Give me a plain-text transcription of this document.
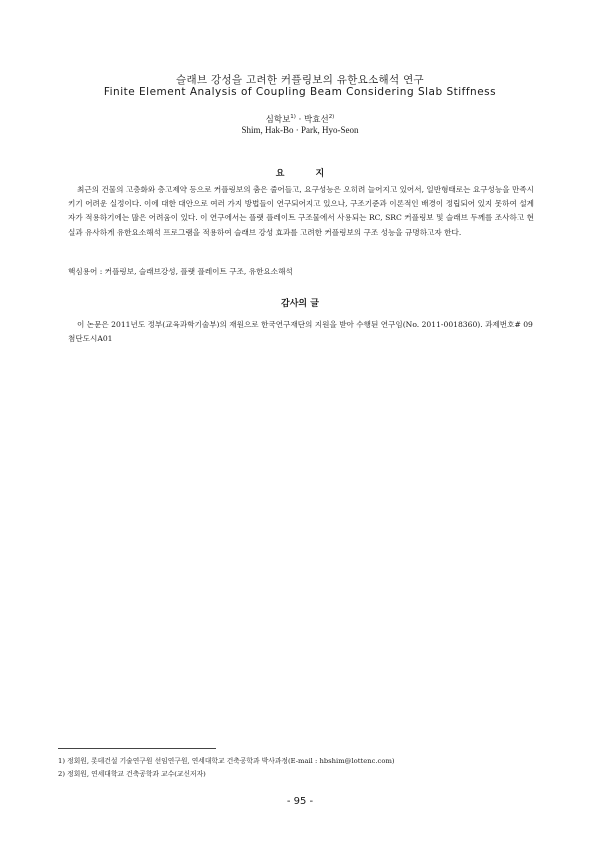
슬래브 강성을 고려한 커플링보의 유한요소해석 연구
Finite Element Analysis of Coupling Beam Considering Slab Stiffness
심학보$^{1)}$ · 박효선$^{2)}$
Shim, Hak-Bo · Park, Hyo-Seon
요 지

최근의 건물의 고층화와 층고제약 등으로 커플링보의 춤은 줄어들고, 요구성능은 오히려 늘어지고 있어서, 일반형태로는 요구성능을 만족시키기 어려운 실정이다. 이에 대한 대안으로 여러 가지 방법들이 연구되어지고 있으나, 구조기준과 이론적인 배경이 정립되어 있지 못하여 설계자가 적용하기에는 많은 어려움이 있다. 이 연구에서는 플랫 플레이트 구조물에서 사용되는 RC, SRC 커플링보 및 슬래브 두께를 조사하고 현실과 유사하게 유한요소해석 프로그램을 적용하여 슬래브 강성 효과를 고려한 커플링보의 구조 성능을 규명하고자 한다.

핵심용어 : 커플링보, 슬래브강성, 플랫 플레이트 구조, 유한요소해석

감사의 글

이 논문은 2011년도 정부(교육과학기술부)의 재원으로 한국연구재단의 지원을 받아 수행된 연구임(No. 2011-0018360). 과제번호# 09 첨단도시A01

1) 정회원, 롯데건설 기술연구원 선임연구원, 연세대학교 건축공학과 박사과정(E-mail : hbshim@lottenc.com)
2) 정회원, 연세대학교 건축공학과 교수(교신저자)
- 95 -
